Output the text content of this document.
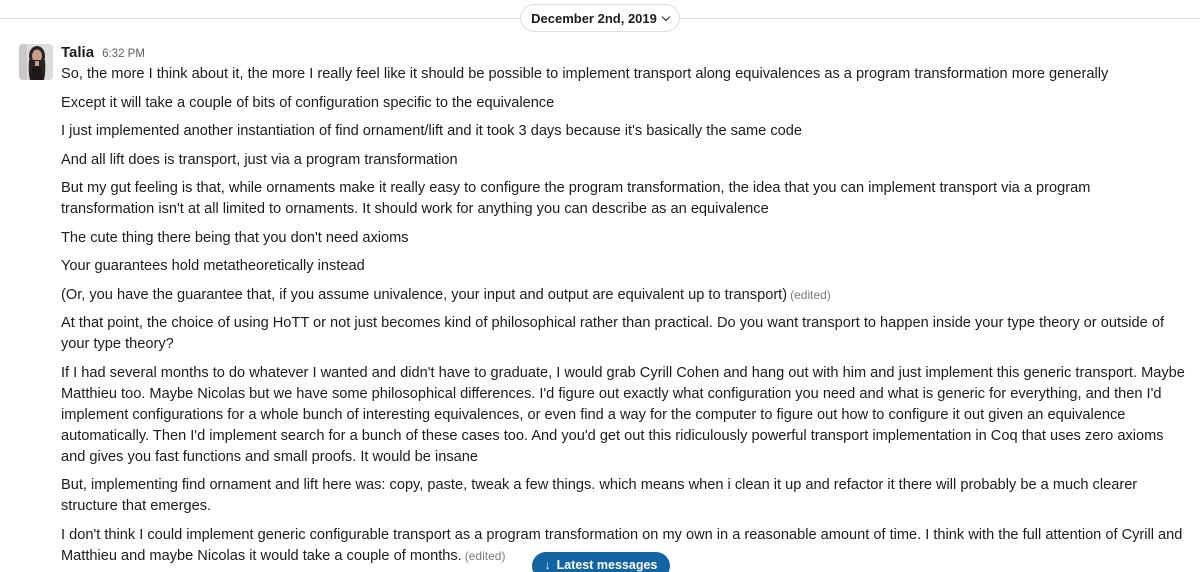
December 2nd, 2019
Talia 6:32 PM
So, the more I think about it, the more I really feel like it should be possible to implement transport along equivalences as a program transformation more generally
Except it will take a couple of bits of configuration specific to the equivalence
I just implemented another instantiation of find ornament/lift and it took 3 days because it's basically the same code
And all lift does is transport, just via a program transformation
But my gut feeling is that, while ornaments make it really easy to configure the program transformation, the idea that you can implement transport via a program transformation isn't at all limited to ornaments. It should work for anything you can describe as an equivalence
The cute thing there being that you don't need axioms
Your guarantees hold metatheoretically instead
(Or, you have the guarantee that, if you assume univalence, your input and output are equivalent up to transport) (edited)
At that point, the choice of using HoTT or not just becomes kind of philosophical rather than practical. Do you want transport to happen inside your type theory or outside of your type theory?
If I had several months to do whatever I wanted and didn't have to graduate, I would grab Cyrill Cohen and hang out with him and just implement this generic transport. Maybe Matthieu too. Maybe Nicolas but we have some philosophical differences. I'd figure out exactly what configuration you need and what is generic for everything, and then I'd implement configurations for a whole bunch of interesting equivalences, or even find a way for the computer to figure out how to configure it out given an equivalence automatically. Then I'd implement search for a bunch of these cases too. And you'd get out this ridiculously powerful transport implementation in Coq that uses zero axioms and gives you fast functions and small proofs. It would be insane
But, implementing find ornament and lift here was: copy, paste, tweak a few things. which means when i clean it up and refactor it there will probably be a much clearer structure that emerges.
I don't think I could implement generic configurable transport as a program transformation on my own in a reasonable amount of time. I think with the full attention of Cyrill and Matthieu and maybe Nicolas it would take a couple of months. (edited)
↓ Latest messages
